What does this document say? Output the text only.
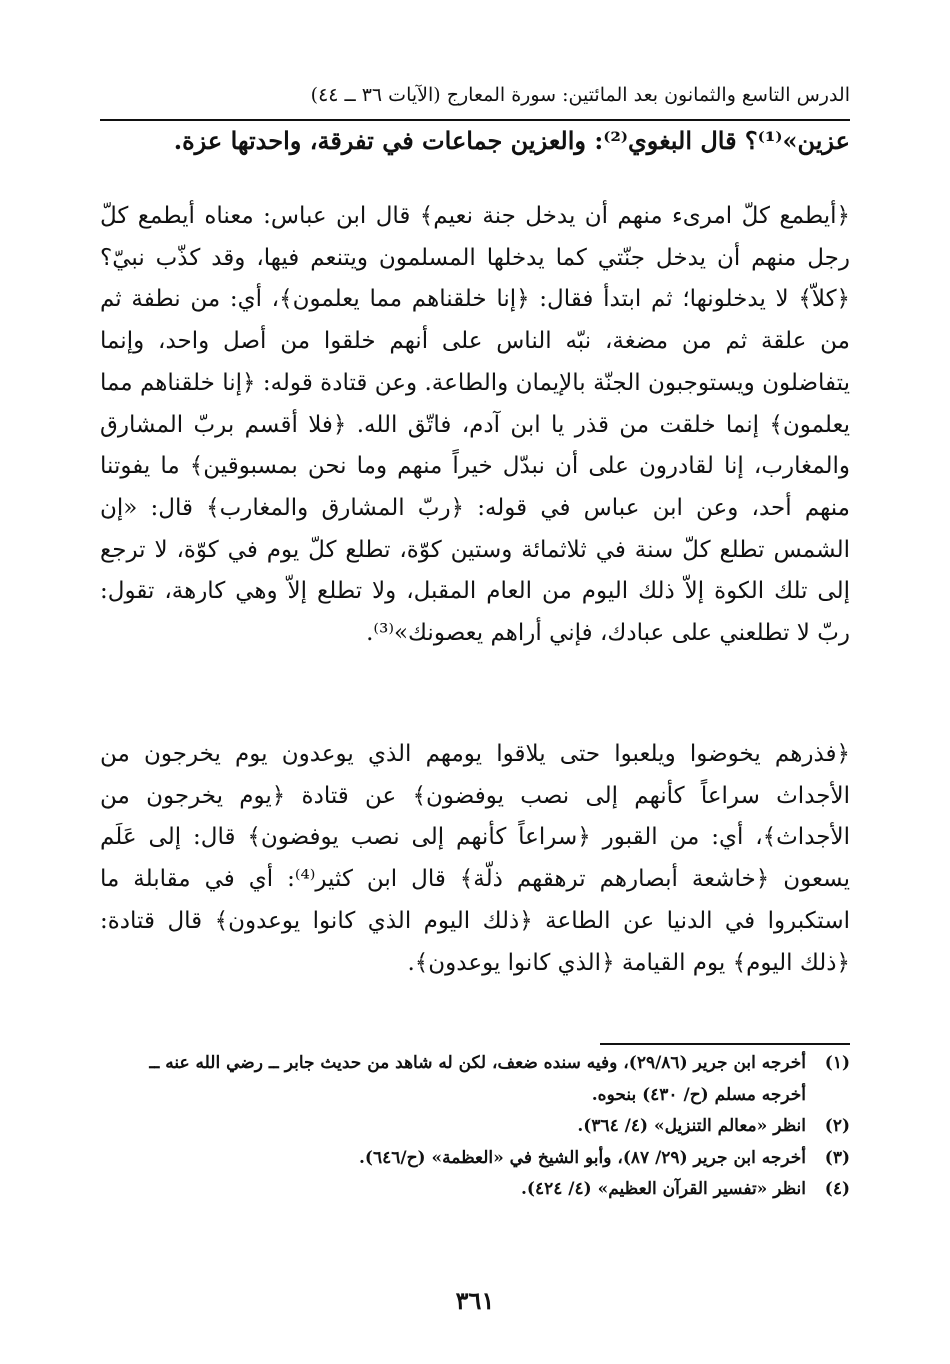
الدرس التاسع والثمانون بعد المائتين: سورة المعارج (الآيات ٣٦ ــ ٤٤)
عزين»⁽¹⁾؟ قال البغوي⁽²⁾: والعزين جماعات في تفرقة، واحدتها عزة.
﴿أيطمع كلّ امرىء منهم أن يدخل جنة نعيم﴾ قال ابن عباس: معناه أيطمع كلّ رجل منهم أن يدخل جنّتي كما يدخلها المسلمون ويتنعم فيها، وقد كذّب نبيّ؟ ﴿كلاّ﴾ لا يدخلونها؛ ثم ابتدأ فقال: ﴿إنا خلقناهم مما يعلمون﴾، أي: من نطفة ثم من علقة ثم من مضغة، نبّه الناس على أنهم خلقوا من أصل واحد، وإنما يتفاضلون ويستوجبون الجنّة بالإيمان والطاعة. وعن قتادة قوله: ﴿إنا خلقناهم مما يعلمون﴾ إنما خلقت من قذر يا ابن آدم، فاتّق الله. ﴿فلا أقسم بربّ المشارق والمغارب، إنا لقادرون على أن نبدّل خيراً منهم وما نحن بمسبوقين﴾ ما يفوتنا منهم أحد، وعن ابن عباس في قوله: ﴿ربّ المشارق والمغارب﴾ قال: «إن الشمس تطلع كلّ سنة في ثلاثمائة وستين كوّة، تطلع كلّ يوم في كوّة، لا ترجع إلى تلك الكوة إلاّ ذلك اليوم من العام المقبل، ولا تطلع إلاّ وهي كارهة، تقول: ربّ لا تطلعني على عبادك، فإني أراهم يعصونك»⁽³⁾.
﴿فذرهم يخوضوا ويلعبوا حتى يلاقوا يومهم الذي يوعدون يوم يخرجون من الأجداث سراعاً كأنهم إلى نصب يوفضون﴾ عن قتادة ﴿يوم يخرجون من الأجداث﴾، أي: من القبور ﴿سراعاً كأنهم إلى نصب يوفضون﴾ قال: إلى عَلَم يسعون ﴿خاشعة أبصارهم ترهقهم ذلّة﴾ قال ابن كثير⁽⁴⁾: أي في مقابلة ما استكبروا في الدنيا عن الطاعة ﴿ذلك اليوم الذي كانوا يوعدون﴾ قال قتادة: ﴿ذلك اليوم﴾ يوم القيامة ﴿الذي كانوا يوعدون﴾.
(١)
أخرجه ابن جرير (٢٩/٨٦)، وفيه سنده ضعف، لكن له شاهد من حديث جابر ــ رضي الله عنه ــ أخرجه مسلم (ح/ ٤٣٠) بنحوه.
(٢)
انظر «معالم التنزيل» (٤/ ٣٦٤).
(٣)
أخرجه ابن جرير (٢٩/ ٨٧)، وأبو الشيخ في «العظمة» (ح/٦٤٦).
(٤)
انظر «تفسير القرآن العظيم» (٤/ ٤٢٤).
٣٦١
